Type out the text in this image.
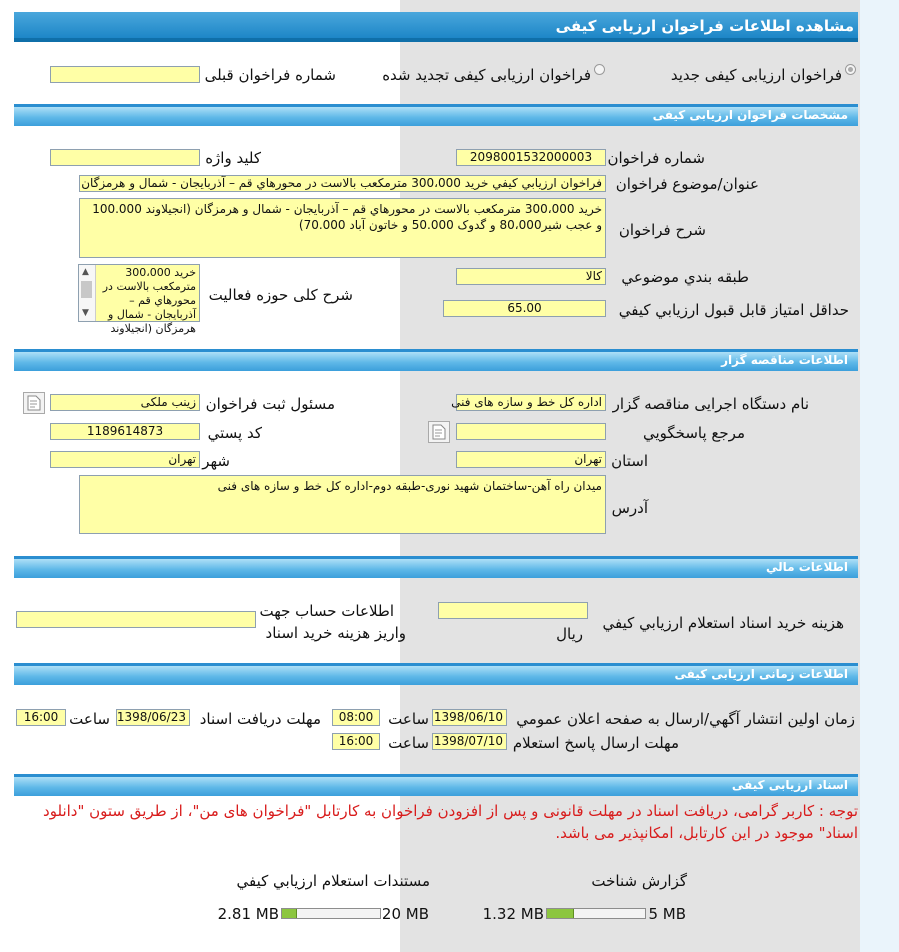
مشاهده اطلاعات فراخوان ارزيابی کيفی
فراخوان ارزيابی کيفی جديد
فراخوان ارزيابی کيفی تجديد شده
شماره فراخوان قبلی
مشخصات فراخوان ارزيابی کيفی
شماره فراخوان
2098001532000003
کليد واژه
عنوان/موضوع فراخوان
فراخوان ارزيابي کيفي خريد 300،000 مترمکعب بالاست در محورهاي قم – آذربايجان - شمال و هرمزگان
شرح فراخوان
خريد 300،000 مترمکعب بالاست در محورهاي قم – آذربايجان - شمال و هرمزگان (انجيلاوند 100.000 و عجب شير80،000 و گدوک 50.000 و خاتون آباد 70.000)
طبقه بندي موضوعي
کالا
حداقل امتياز قابل قبول ارزيابي کيفي
65.00
شرح کلی حوزه فعالیت
خريد 300،000 مترمکعب بالاست در محورهاي قم – آذربايجان - شمال و هرمزگان (انجيلاوند
▲
▼
اطلاعات مناقصه گزار
نام دستگاه اجرایی مناقصه گزار
اداره کل خط و سازه های فنی
مسئول ثبت فراخوان
زينب ملکی
مرجع پاسخگويي
کد پستي
1189614873
استان
تهران
شهر
تهران
آدرس
ميدان راه آهن-ساختمان شهيد نوری-طبقه دوم-اداره کل خط و سازه های فنی
اطلاعات مالي
هزينه خريد اسناد استعلام ارزيابي کيفي
ريال
اطلاعات حساب جهت
واريز هزينه خريد اسناد
اطلاعات زمانی ارزيابی کيفی
زمان اولين انتشار آگهي/ارسال به صفحه اعلان عمومي
1398/06/10
ساعت
08:00
مهلت دريافت اسناد
1398/06/23
ساعت
16:00
مهلت ارسال پاسخ استعلام
1398/07/10
ساعت
16:00
اسناد ارزيابی کيفی
توجه : کاربر گرامی، دریافت اسناد در مهلت قانونی و پس از افزودن فراخوان به کارتابل "فراخوان های من"، از طریق ستون "دانلود اسناد" موجود در این کارتابل، امکانپذیر می باشد.
گزارش شناخت
1.32 MB	5 MB
مستندات استعلام ارزيابي کيفي
2.81 MB	20 MB
